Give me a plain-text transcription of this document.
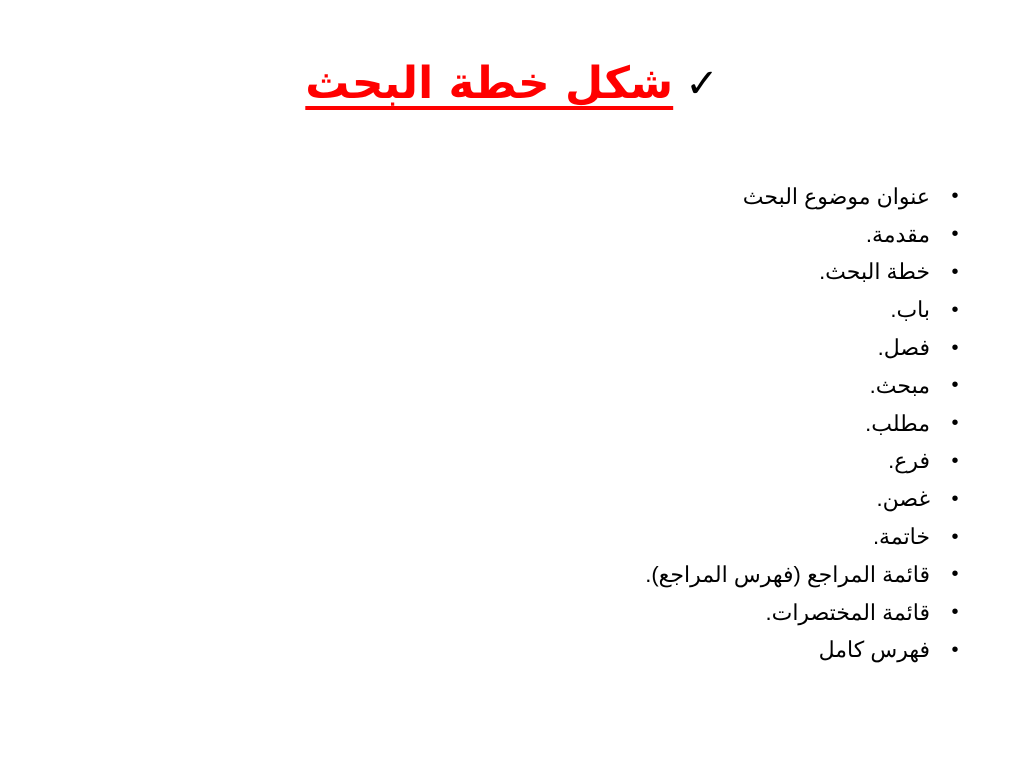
✓
شكل خطة البحث
•
عنوان موضوع البحث
•
مقدمة.
•
خطة البحث.
•
باب.
•
فصل.
•
مبحث.
•
مطلب.
•
فرع.
•
غصن.
•
خاتمة.
•
قائمة المراجع (فهرس المراجع).
•
قائمة المختصرات.
•
فهرس كامل
